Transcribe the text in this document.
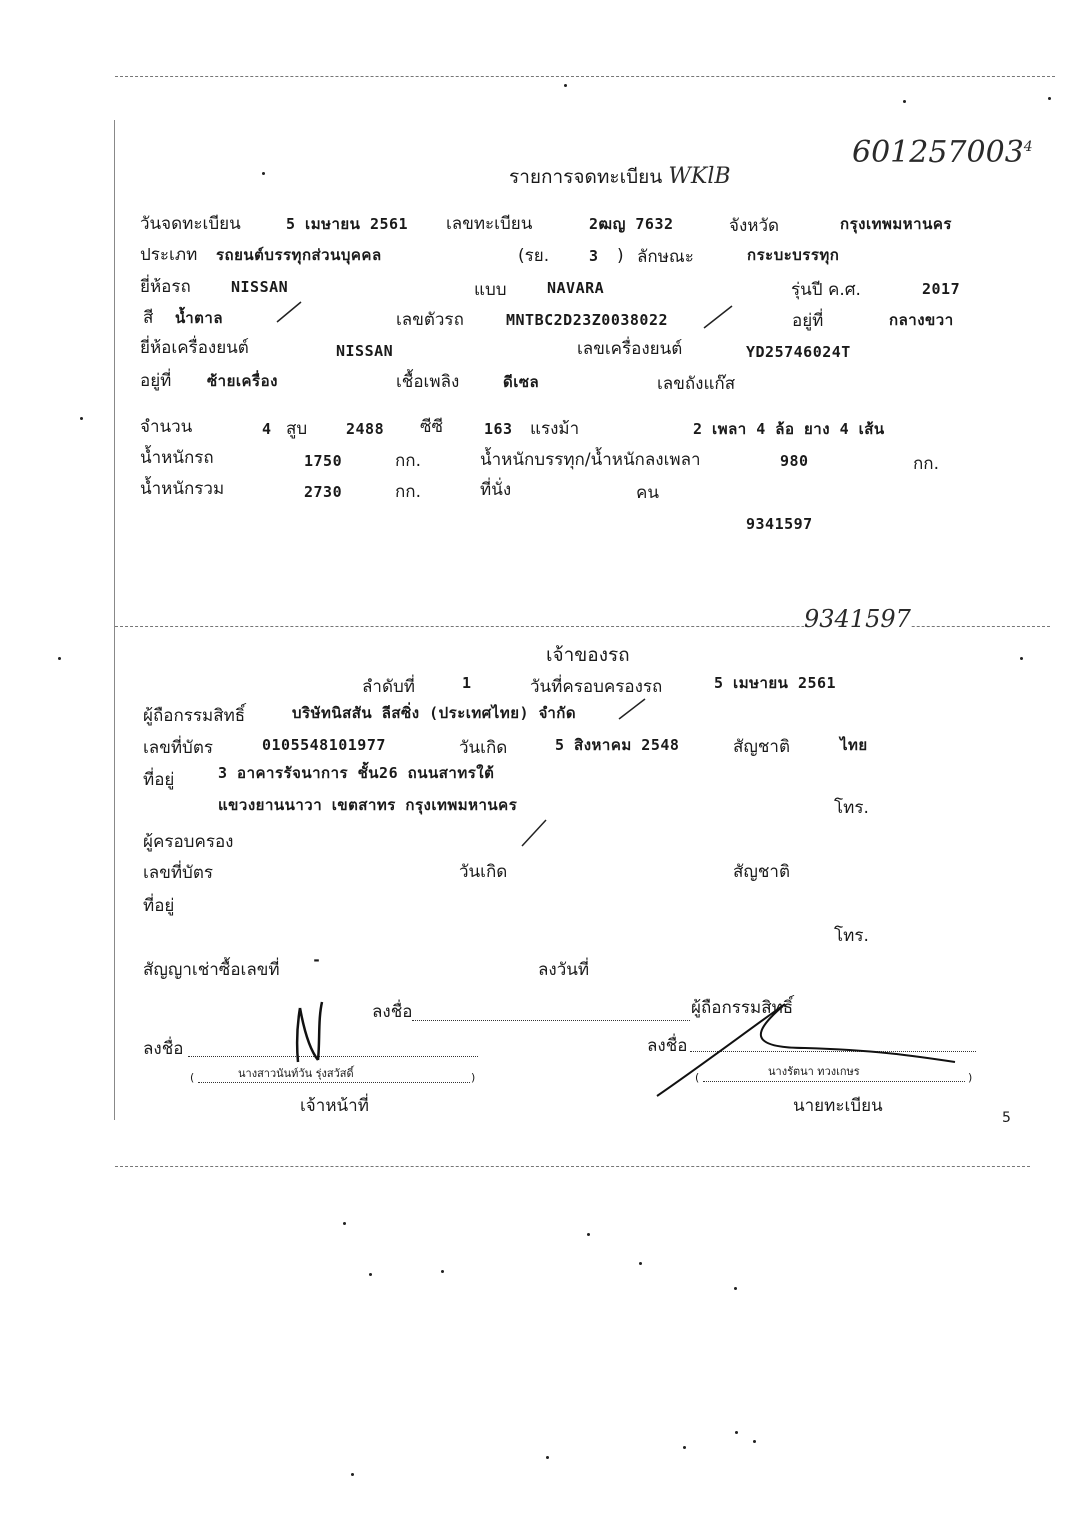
601257003$^4$
รายการจดทะเบียน WKlB
วันจดทะเบียน	5 เมษายน 2561 เลขทะเบียน	2ฒญ 7632	จังหวัด	กรุงเทพมหานคร
ประเภท รถยนต์บรรทุกส่วนบุคคล	(รย.	3 ) ลักษณะ	กระบะบรรทุก
ยี่ห้อรถ	NISSAN	แบบ	NAVARA	รุ่นปี ค.ศ.	2017
สี น้ำตาล	เลขตัวรถ	MNTBC2D23Z0038022	อยู่ที่	กลางขวา
ยี่ห้อเครื่องยนต์	NISSAN	เลขเครื่องยนต์	YD25746024T
อยู่ที่ ซ้ายเครื่อง	เชื้อเพลิง	ดีเซล	เลขถังแก๊ส
จำนวน	4 สูบ	2488 ซีซี	163 แรงม้า	2 เพลา 4 ล้อ ยาง 4 เส้น
น้ำหนักรถ	1750	กก.	น้ำหนักบรรทุก/น้ำหนักลงเพลา	980	กก.
น้ำหนักรวม	2730	กก.	ที่นั่ง	คน
9341597
9341597
เจ้าของรถ
ลำดับที่	1	วันที่ครอบครองรถ	5 เมษายน 2561
ผู้ถือกรรมสิทธิ์	บริษัทนิสสัน ลีสซิ่ง (ประเทศไทย) จำกัด
เลขที่บัตร	0105548101977	วันเกิด	5 สิงหาคม 2548	สัญชาติ	ไทย
ที่อยู่	3 อาคารรัจนาการ ชั้น26 ถนนสาทรใต้
แขวงยานนาวา เขตสาทร กรุงเทพมหานคร	โทร.
ผู้ครอบครอง
เลขที่บัตร	วันเกิด	สัญชาติ
ที่อยู่
โทร.
สัญญาเช่าซื้อเลขที่ -	ลงวันที่
ลงชื่อ	ผู้ถือกรรมสิทธิ์
ลงชื่อ
(	นางสาวนันท์วัน รุ่งสวัสดิ์	)
เจ้าหน้าที่
ลงชื่อ
(	นางรัตนา ทวงเกษร	)
นายทะเบียน
5
